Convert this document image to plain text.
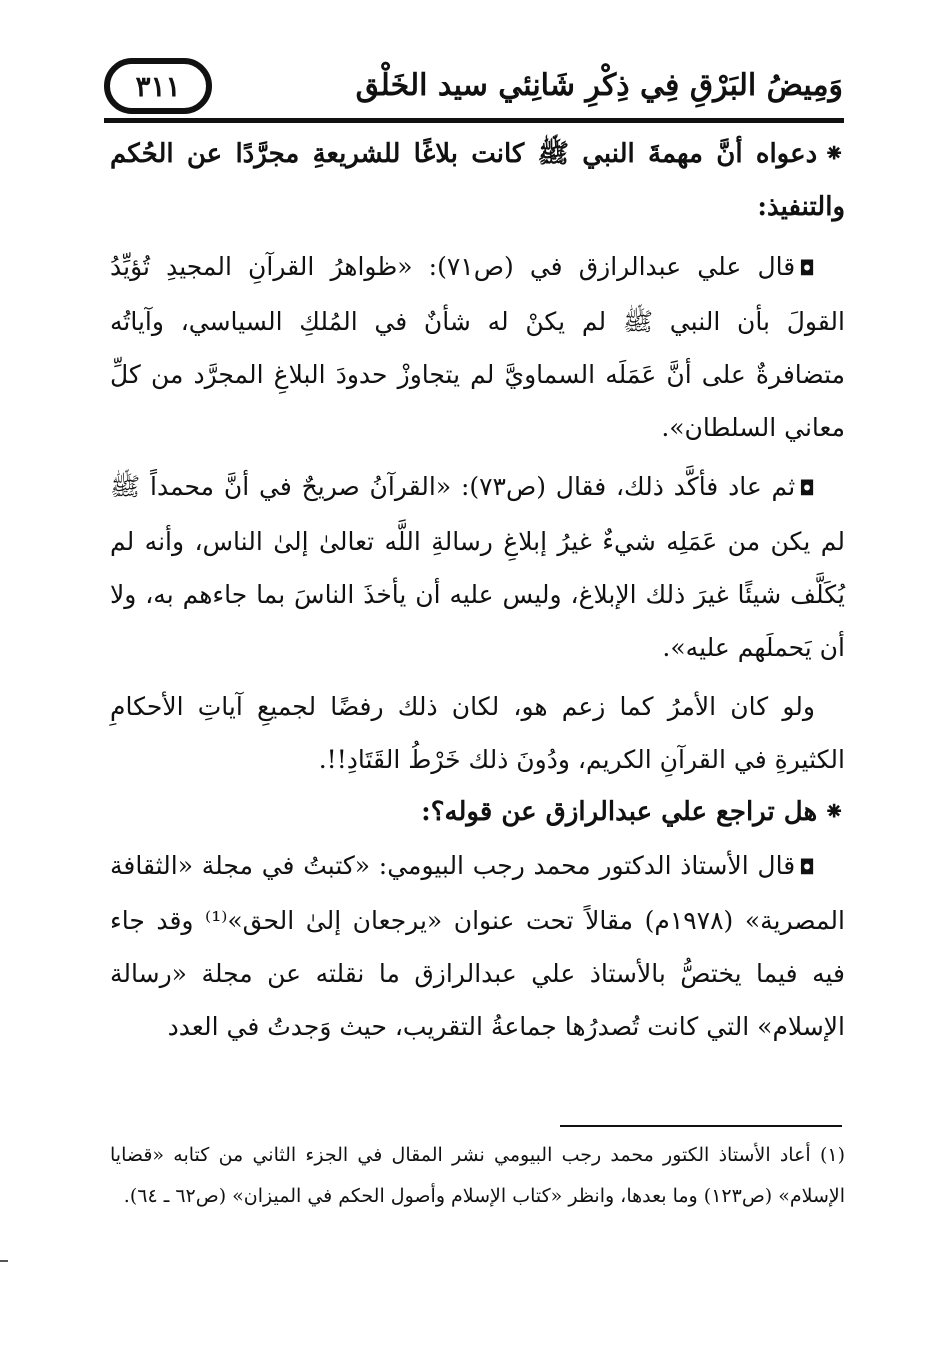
وَمِيضُ البَرْقِ فِي ذِكْرِ شَانِئي سيد الخَلْق
٣١١

⁕دعواه أنَّ مهمةَ النبي ﷺ كانت بلاغًا للشريعةِ مجرَّدًا عن الحُكم والتنفيذ:

◘قال علي عبدالرازق في (ص٧١): «ظواهرُ القرآنِ المجيدِ تُؤيِّدُ القولَ بأن النبي ﷺ لم يكنْ له شأنٌ في المُلكِ السياسي، وآياتُه متضافرةٌ على أنَّ عَمَلَه السماويَّ لم يتجاوزْ حدودَ البلاغِ المجرَّد من كلِّ معاني السلطان».

◘ثم عاد فأكَّد ذلك، فقال (ص٧٣): «القرآنُ صريحٌ في أنَّ محمداً ﷺ لم يكن من عَمَلِه شيءٌ غيرُ إبلاغِ رسالةِ اللَّه تعالىٰ إلىٰ الناس، وأنه لم يُكَلَّف شيئًا غيرَ ذلك الإبلاغ، وليس عليه أن يأخذَ الناسَ بما جاءهم به، ولا أن يَحملَهم عليه».

ولو كان الأمرُ كما زعم هو، لكان ذلك رفضًا لجميعِ آياتِ الأحكامِ الكثيرةِ في القرآنِ الكريم، ودُونَ ذلك خَرْطُ القَتَادِ!!.

⁕هل تراجع علي عبدالرازق عن قوله؟:

◘قال الأستاذ الدكتور محمد رجب البيومي: «كتبتُ في مجلة «الثقافة المصرية» (١٩٧٨م) مقالاً تحت عنوان «يرجعان إلىٰ الحق»⁽¹⁾ وقد جاء فيه فيما يختصُّ بالأستاذ علي عبدالرازق ما نقلته عن مجلة «رسالة الإسلام» التي كانت تُصدرُها جماعةُ التقريب، حيث وَجدتُ في العدد

(١) أعاد الأستاذ الكتور محمد رجب البيومي نشر المقال في الجزء الثاني من كتابه «قضايا الإسلام» (ص١٢٣) وما بعدها، وانظر «كتاب الإسلام وأصول الحكم في الميزان» (ص٦٢ ـ ٦٤).
